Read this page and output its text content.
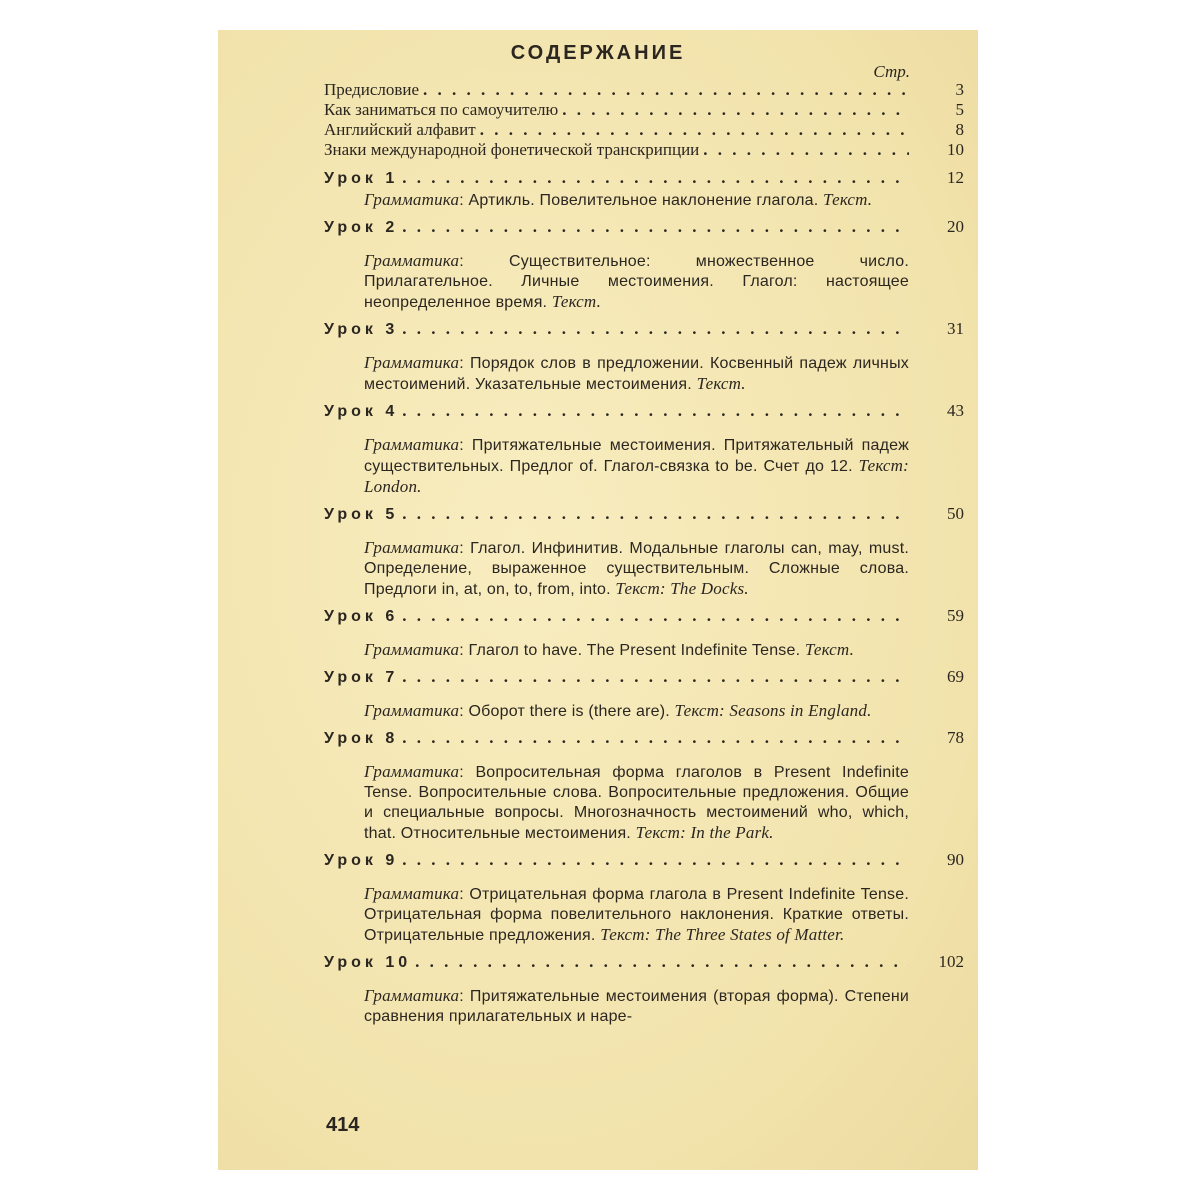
СОДЕРЖАНИЕ
Стр.
Предисловие . . .	3
Как заниматься по самоучителю . . .	5
Английский алфавит . . .	8
Знаки международной фонетической транскрипции . . .	10
Урок 1 . . .	12
Грамматика: Артикль. Повелительное наклонение глагола. Текст.
Урок 2 . . .	20
Грамматика: Существительное: множественное число. Прилагательное. Личные местоимения. Глагол: настоящее неопределенное время. Текст.
Урок 3 . . .	31
Грамматика: Порядок слов в предложении. Косвенный падеж личных местоимений. Указательные местоимения. Текст.
Урок 4 . . .	43
Грамматика: Притяжательные местоимения. Притяжательный падеж существительных. Предлог of. Глагол-связка to be. Счет до 12. Текст: London.
Урок 5 . . .	50
Грамматика: Глагол. Инфинитив. Модальные глаголы can, may, must. Определение, выраженное существительным. Сложные слова. Предлоги in, at, on, to, from, into. Текст: The Docks.
Урок 6 . . .	59
Грамматика: Глагол to have. The Present Indefinite Tense. Текст.
Урок 7 . . .	69
Грамматика: Оборот there is (there are). Текст: Seasons in England.
Урок 8 . . .	78
Грамматика: Вопросительная форма глаголов в Present Indefinite Tense. Вопросительные слова. Вопросительные предложения. Общие и специальные вопросы. Многозначность местоимений who, which, that. Относительные местоимения. Текст: In the Park.
Урок 9 . . .	90
Грамматика: Отрицательная форма глагола в Present Indefinite Tense. Отрицательная форма повелительного наклонения. Краткие ответы. Отрицательные предложения. Текст: The Three States of Matter.
Урок 10 . . .	102
Грамматика: Притяжательные местоимения (вторая форма). Степени сравнения прилагательных и наре-
414
